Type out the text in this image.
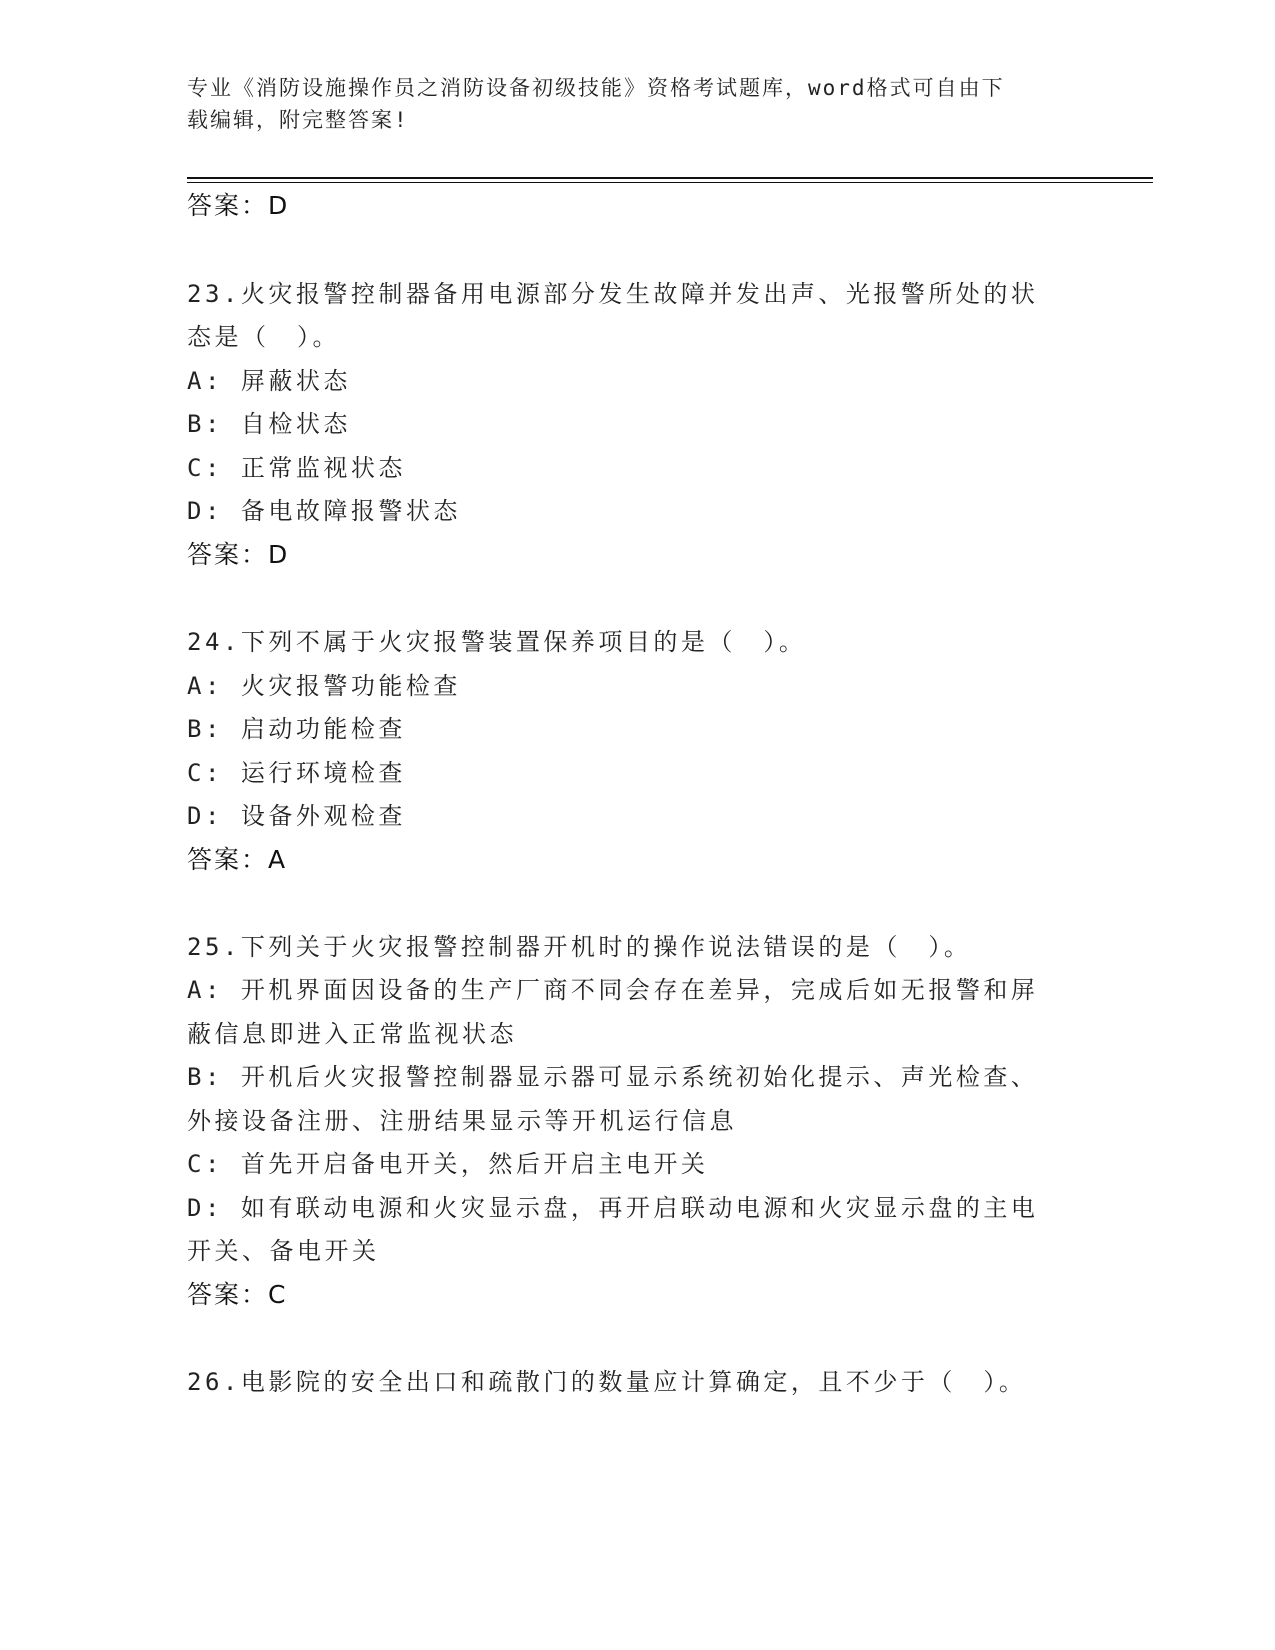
专业《消防设施操作员之消防设备初级技能》资格考试题库，word格式可自由下
载编辑，附完整答案!
答案：D
23.火灾报警控制器备用电源部分发生故障并发出声、光报警所处的状
态是（　）。
A: 屏蔽状态
B: 自检状态
C: 正常监视状态
D: 备电故障报警状态
答案：D
24.下列不属于火灾报警装置保养项目的是（　）。
A: 火灾报警功能检查
B: 启动功能检查
C: 运行环境检查
D: 设备外观检查
答案：A
25.下列关于火灾报警控制器开机时的操作说法错误的是（　）。
A: 开机界面因设备的生产厂商不同会存在差异，完成后如无报警和屏
蔽信息即进入正常监视状态
B: 开机后火灾报警控制器显示器可显示系统初始化提示、声光检查、
外接设备注册、注册结果显示等开机运行信息
C: 首先开启备电开关，然后开启主电开关
D: 如有联动电源和火灾显示盘，再开启联动电源和火灾显示盘的主电
开关、备电开关
答案：C
26.电影院的安全出口和疏散门的数量应计算确定，且不少于（　）。
